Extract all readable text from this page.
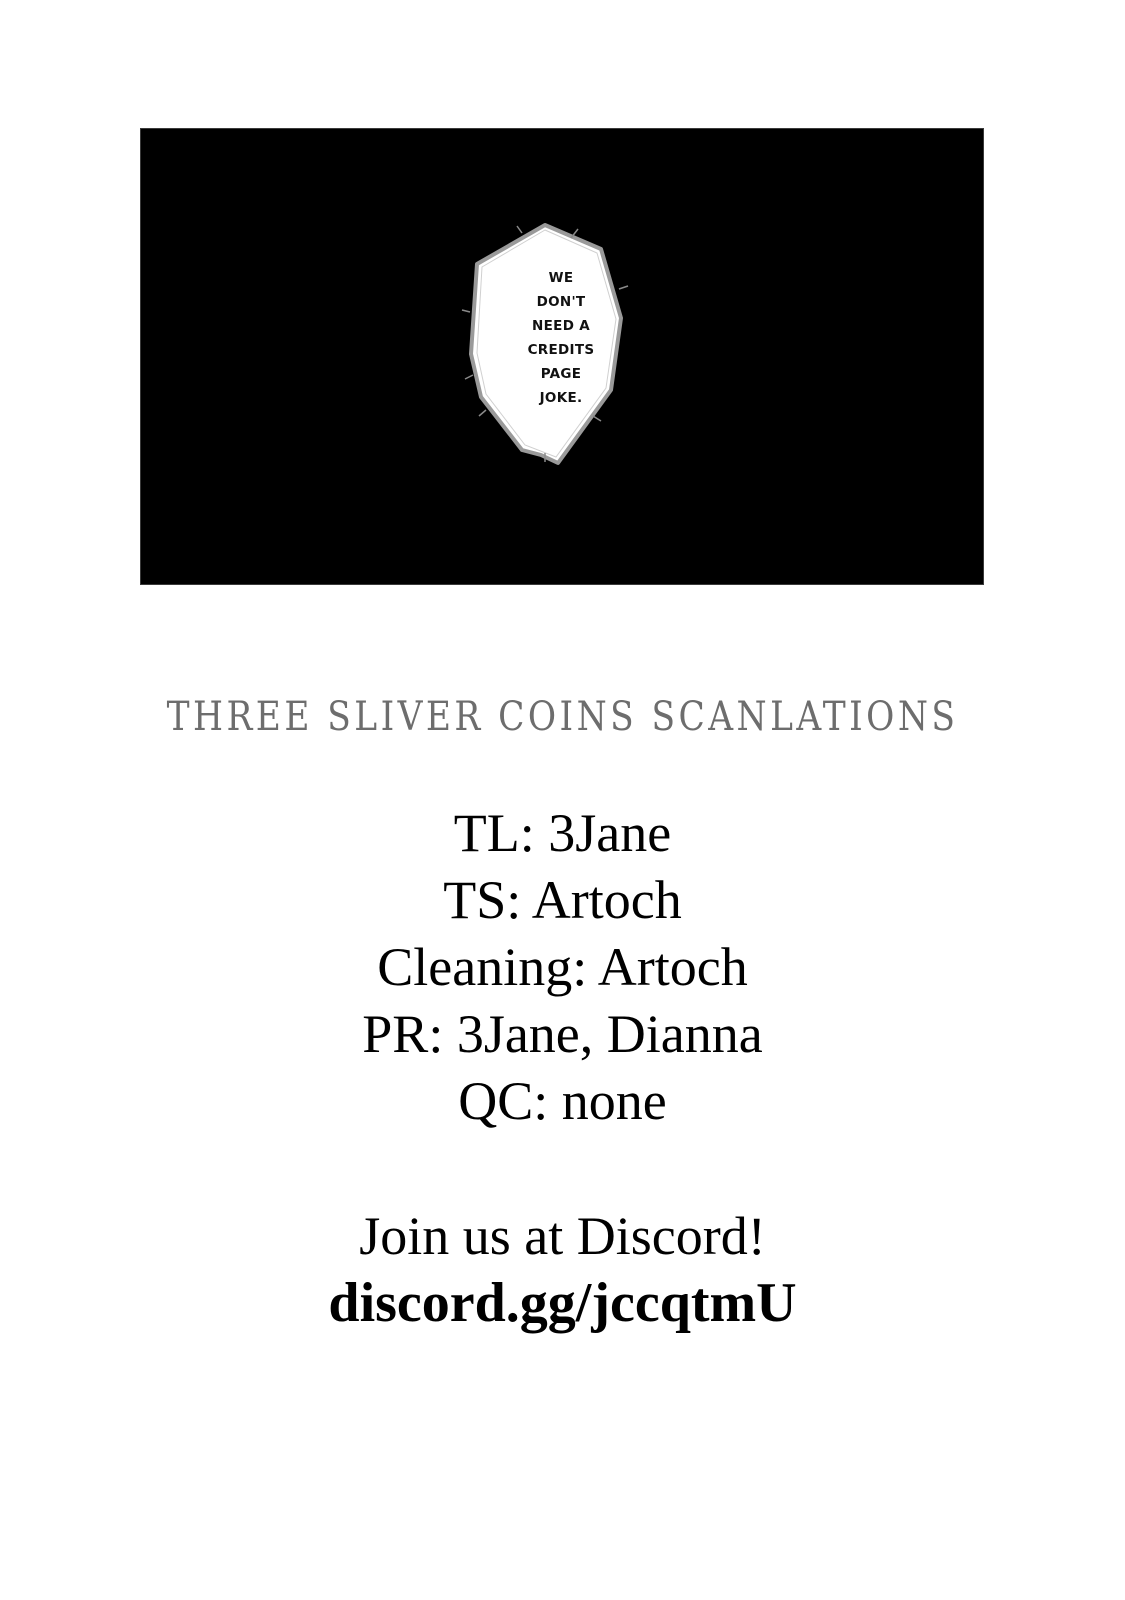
WE
DON'T
NEED A
CREDITS
PAGE
JOKE.
THREE SLIVER COINS SCANLATIONS
TL: 3Jane
TS: Artoch
Cleaning: Artoch
PR: 3Jane, Dianna
QC: none
Join us at Discord!
discord.gg/jccqtmU
